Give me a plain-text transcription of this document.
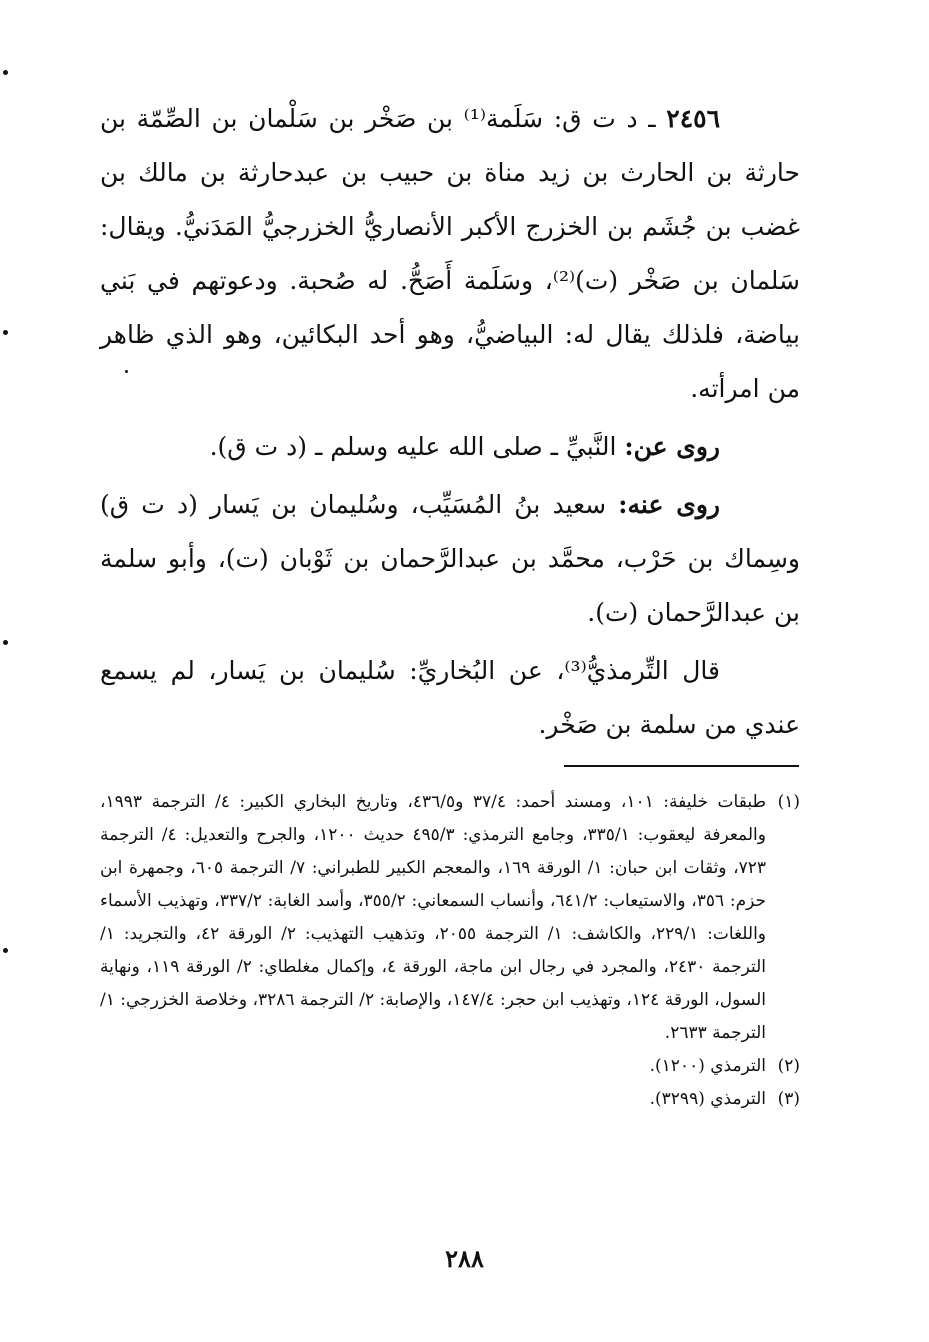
٢٤٥٦ ـ د ت ق: سَلَمة⁽¹⁾ بن صَخْر بن سَلْمان بن الصِّمّة بن حارثة بن الحارث بن زيد مناة بن حبيب بن عبدحارثة بن مالك بن غضب بن جُشَم بن الخزرج الأكبر الأنصاريُّ الخزرجيُّ المَدَنيُّ. ويقال: سَلمان بن صَخْر (ت)⁽²⁾، وسَلَمة أَصَحُّ. له صُحبة. ودعوتهم في بَني بياضة، فلذلك يقال له: البياضيُّ، وهو أحد البكائين، وهو الذي ظاهر من امرأته.

روى عن: النَّبيِّ ـ صلى الله عليه وسلم ـ (د ت ق).

روى عنه: سعيد بنُ المُسَيِّب، وسُليمان بن يَسار (د ت ق) وسِماك بن حَرْب، محمَّد بن عبدالرَّحمان بن ثَوْبان (ت)، وأبو سلمة بن عبدالرَّحمان (ت).

قال التِّرمذيُّ⁽³⁾، عن البُخاريِّ: سُليمان بن يَسار، لم يسمع عندي من سلمة بن صَخْر.

(١)
طبقات خليفة: ١٠١، ومسند أحمد: ٣٧/٤ و٤٣٦/٥، وتاريخ البخاري الكبير: ٤/ الترجمة ١٩٩٣، والمعرفة ليعقوب: ٣٣٥/١، وجامع الترمذي: ٤٩٥/٣ حديث ١٢٠٠، والجرح والتعديل: ٤/ الترجمة ٧٢٣، وثقات ابن حبان: ١/ الورقة ١٦٩، والمعجم الكبير للطبراني: ٧/ الترجمة ٦٠٥، وجمهرة ابن حزم: ٣٥٦، والاستيعاب: ٦٤١/٢، وأنساب السمعاني: ٣٥٥/٢، وأسد الغابة: ٣٣٧/٢، وتهذيب الأسماء واللغات: ٢٢٩/١، والكاشف: ١/ الترجمة ٢٠٥٥، وتذهيب التهذيب: ٢/ الورقة ٤٢، والتجريد: ١/ الترجمة ٢٤٣٠، والمجرد في رجال ابن ماجة، الورقة ٤، وإكمال مغلطاي: ٢/ الورقة ١١٩، ونهاية السول، الورقة ١٢٤، وتهذيب ابن حجر: ١٤٧/٤، والإصابة: ٢/ الترجمة ٣٢٨٦، وخلاصة الخزرجي: ١/ الترجمة ٢٦٣٣.

(٢)
الترمذي (١٢٠٠).

(٣)
الترمذي (٣٢٩٩).

٢٨٨
